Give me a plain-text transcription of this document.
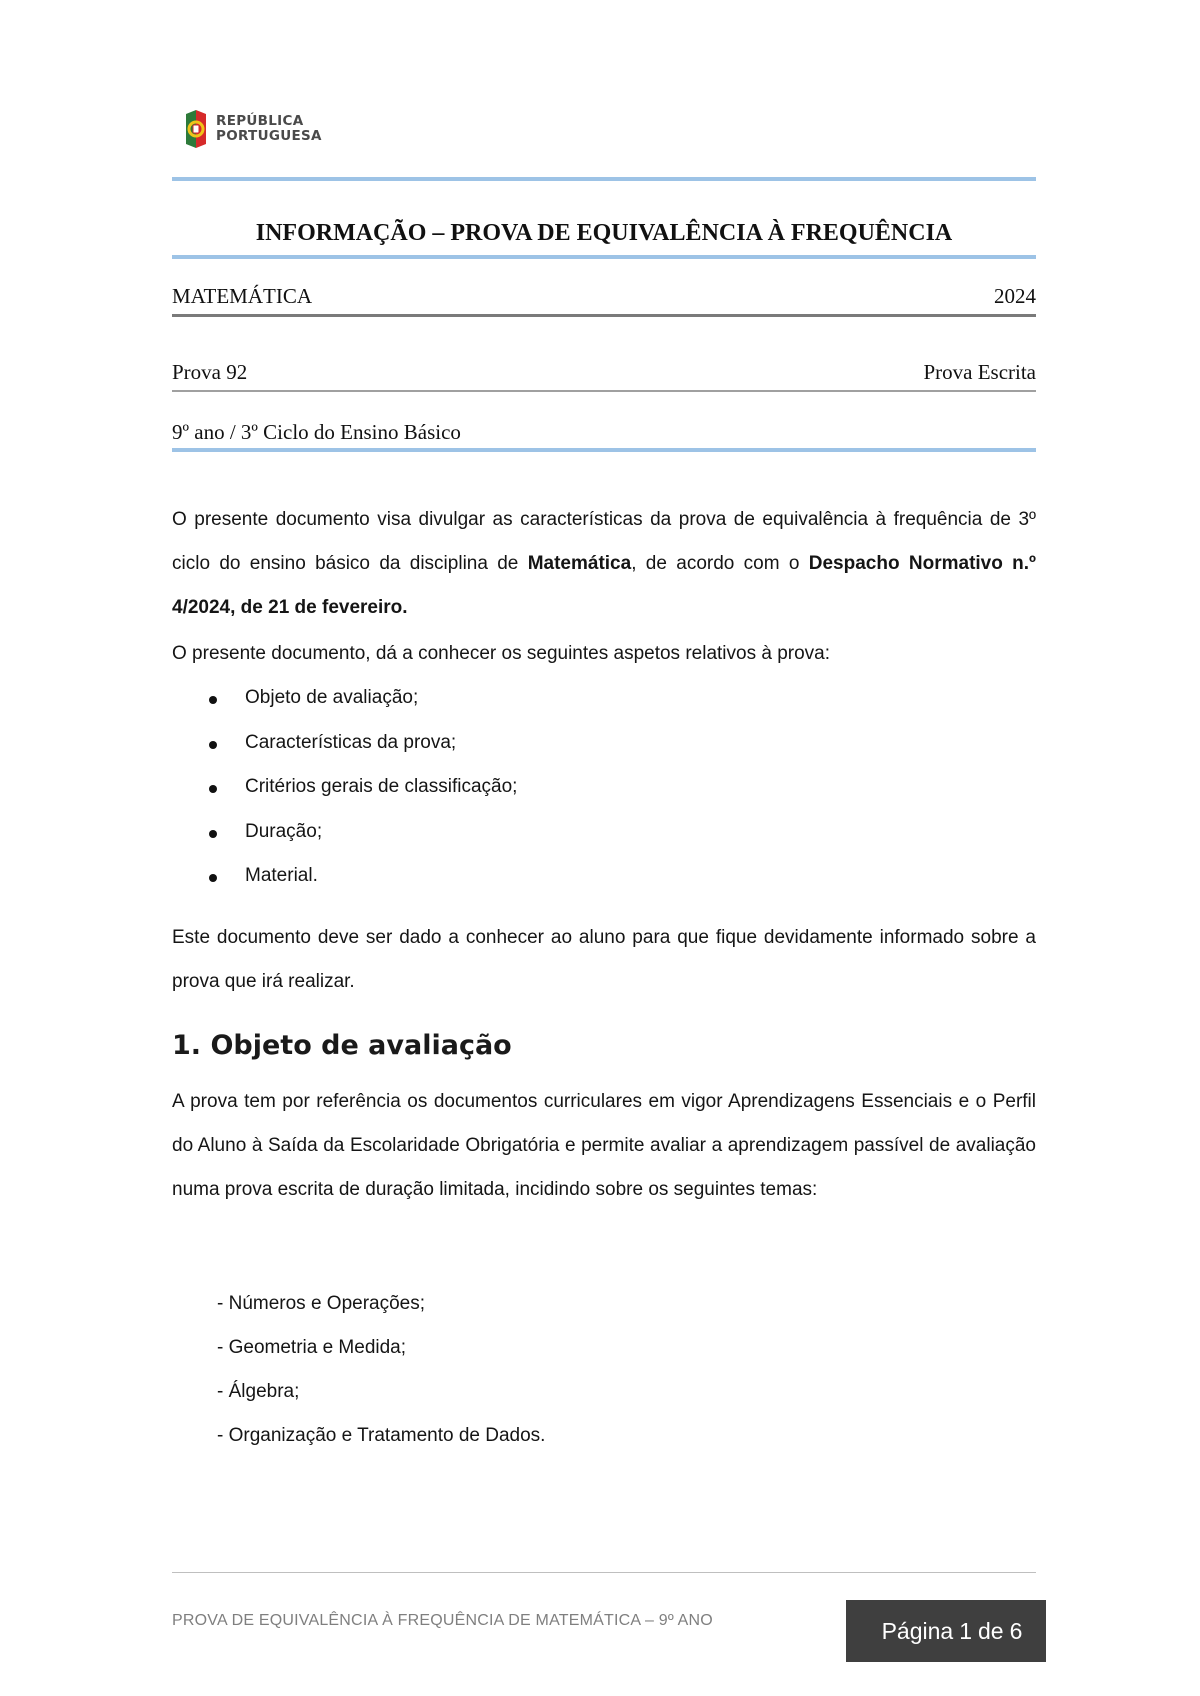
REPÚBLICA
PORTUGUESA
INFORMAÇÃO – PROVA DE EQUIVALÊNCIA À FREQUÊNCIA
MATEMÁTICA	2024
Prova 92	Prova Escrita
9º ano / 3º Ciclo do Ensino Básico

O presente documento visa divulgar as características da prova de equivalência à frequência de 3º ciclo do ensino básico da disciplina de Matemática, de acordo com o Despacho Normativo n.º 4/2024, de 21 de fevereiro.

O presente documento, dá a conhecer os seguintes aspetos relativos à prova:

Objeto de avaliação;
Características da prova;
Critérios gerais de classificação;
Duração;
Material.

Este documento deve ser dado a conhecer ao aluno para que fique devidamente informado sobre a prova que irá realizar.

1. Objeto de avaliação

A prova tem por referência os documentos curriculares em vigor Aprendizagens Essenciais e o Perfil do Aluno à Saída da Escolaridade Obrigatória e permite avaliar a aprendizagem passível de avaliação numa prova escrita de duração limitada, incidindo sobre os seguintes temas:

- Números e Operações;
- Geometria e Medida;
- Álgebra;
- Organização e Tratamento de Dados.
PROVA DE EQUIVALÊNCIA À FREQUÊNCIA DE MATEMÁTICA – 9º ANO	Página 1 de 6
